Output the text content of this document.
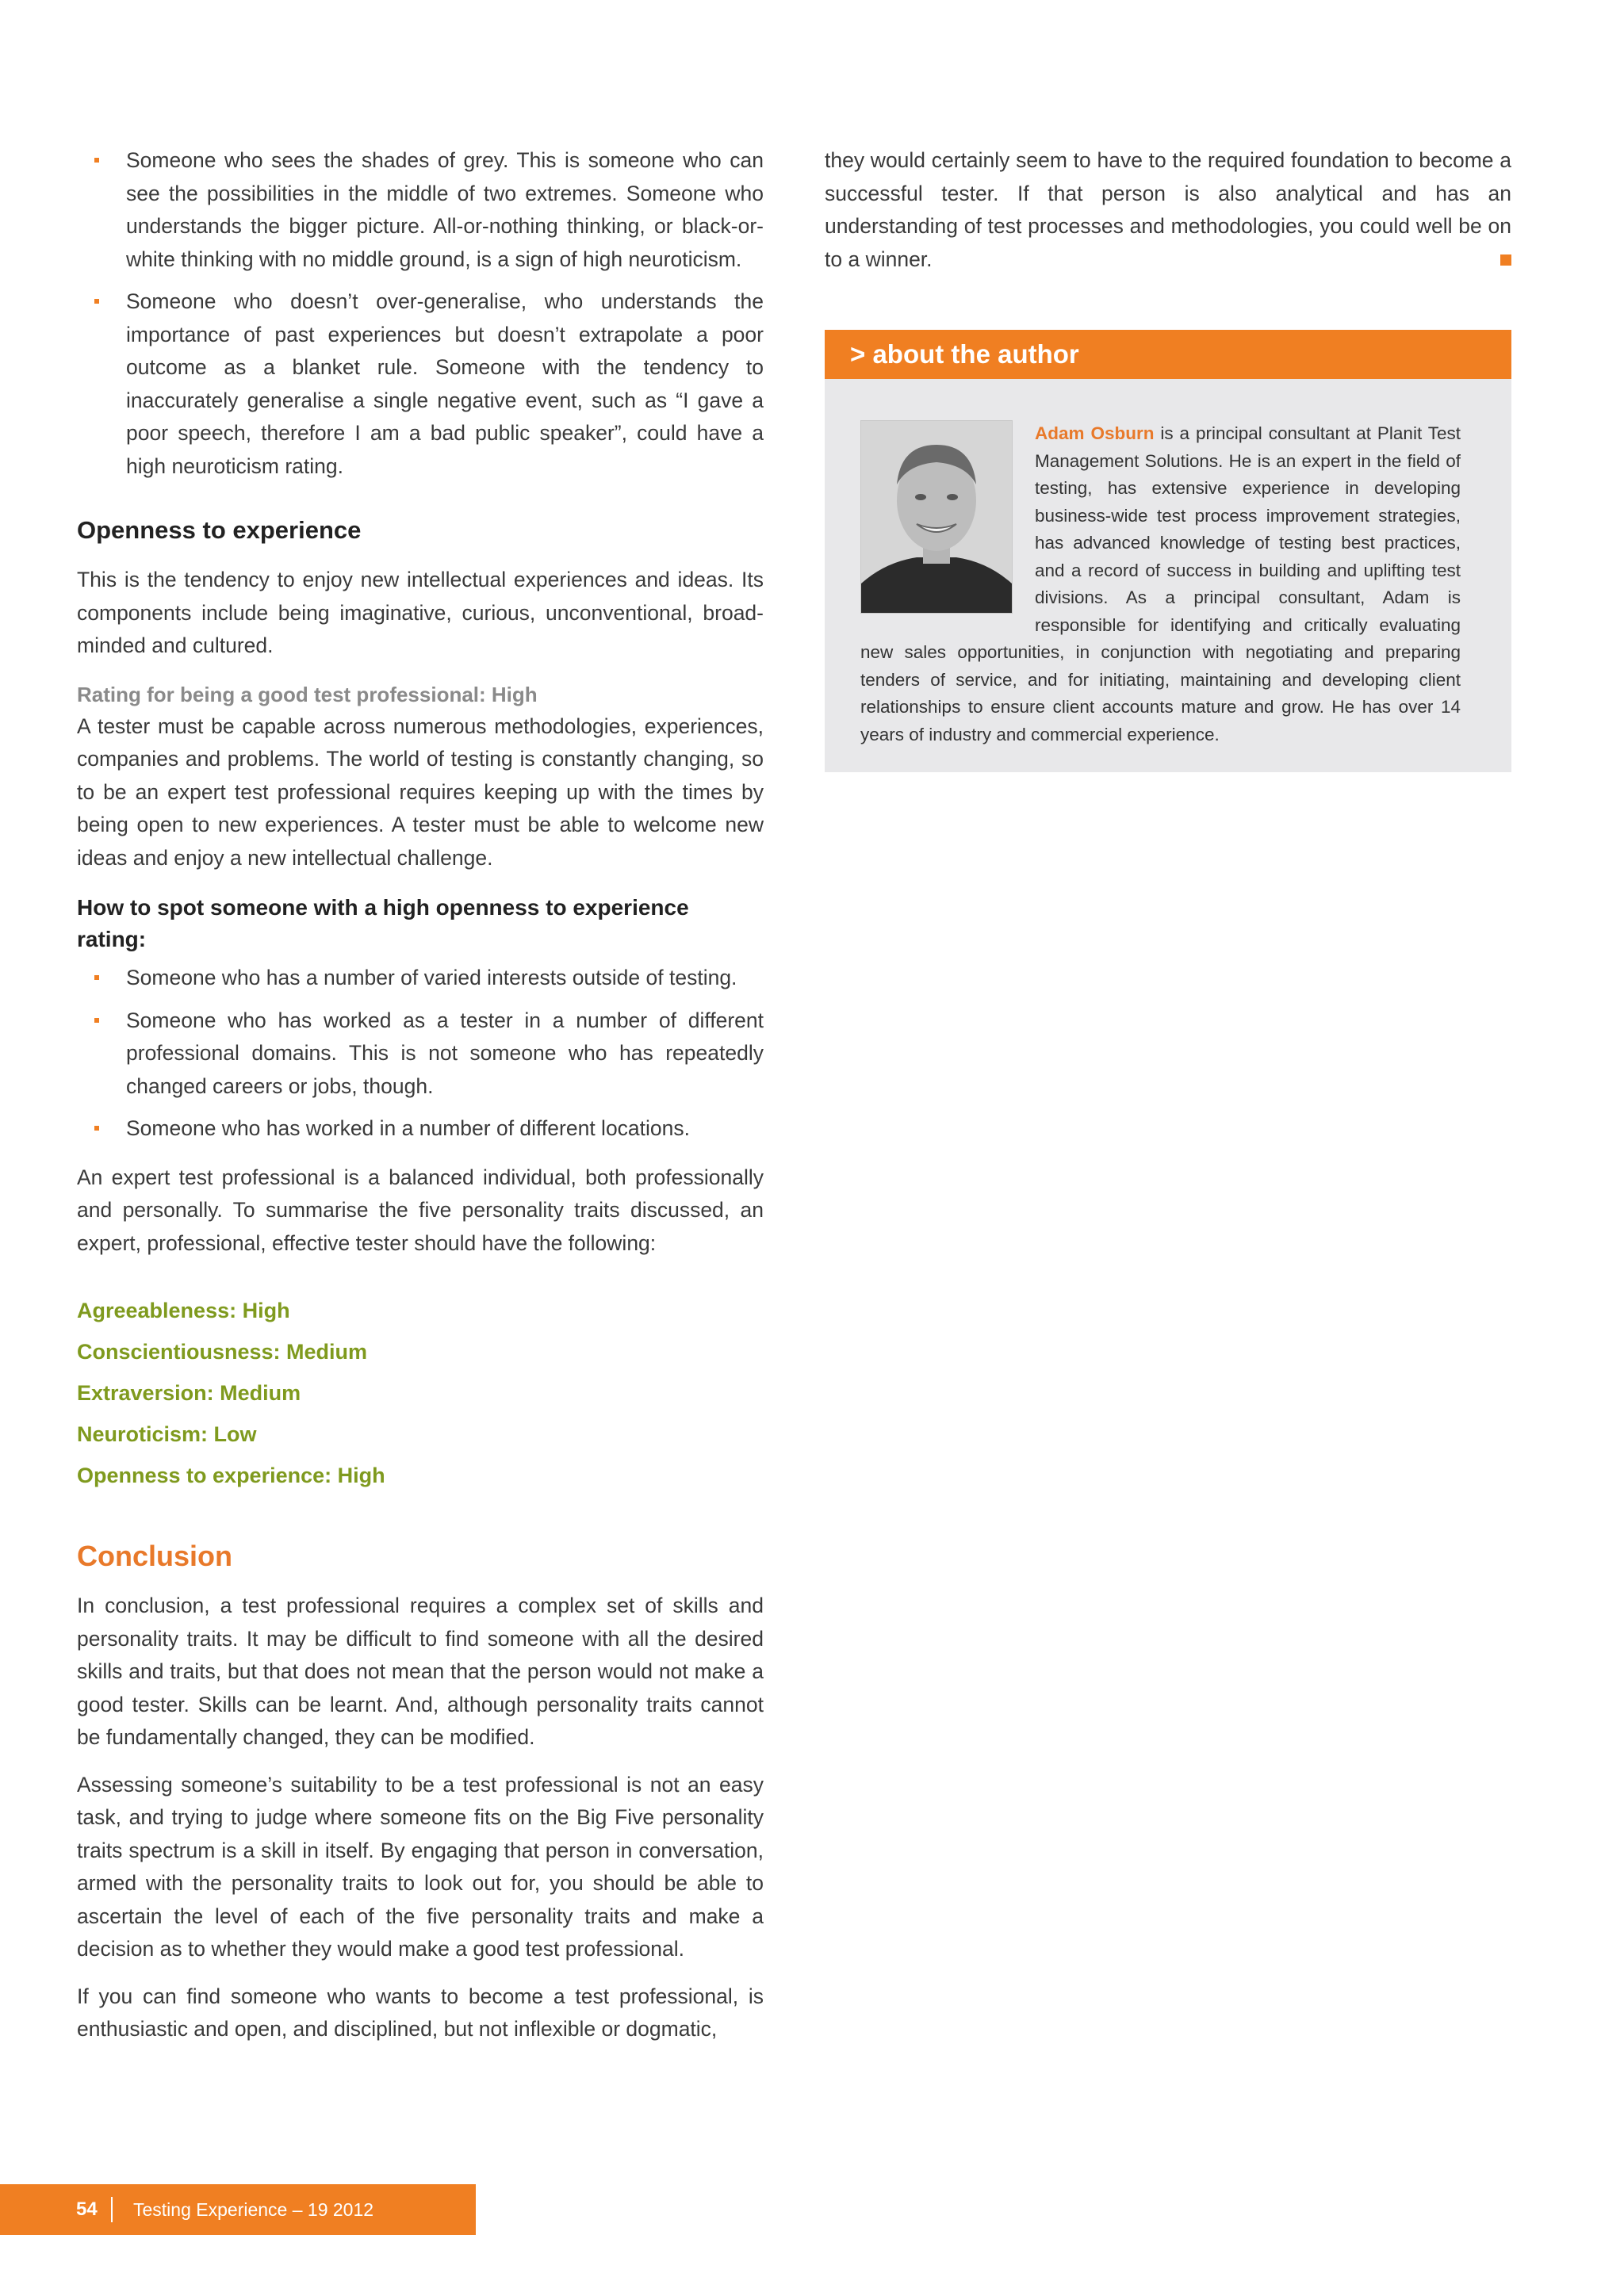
Someone who sees the shades of grey. This is someone who can see the possibilities in the middle of two extremes. Someone who understands the bigger picture. All-or-nothing thinking, or black-or-white thinking with no middle ground, is a sign of high neuroticism.
Someone who doesn’t over-generalise, who understands the importance of past experiences but doesn’t extrapolate a poor outcome as a blanket rule. Someone with the tendency to inaccurately generalise a single negative event, such as “I gave a poor speech, therefore I am a bad public speaker”, could have a high neuroticism rating.
Openness to experience

This is the tendency to enjoy new intellectual experiences and ideas. Its components include being imaginative, curious, unconventional, broad-minded and cultured.

Rating for being a good test professional: High

A tester must be capable across numerous methodologies, experiences, companies and problems. The world of testing is constantly changing, so to be an expert test professional requires keeping up with the times by being open to new experiences. A tester must be able to welcome new ideas and enjoy a new intellectual challenge.

How to spot someone with a high openness to experience rating:
Someone who has a number of varied interests outside of testing.
Someone who has worked as a tester in a number of different professional domains. This is not someone who has repeatedly changed careers or jobs, though.
Someone who has worked in a number of different locations.

An expert test professional is a balanced individual, both professionally and personally. To summarise the five personality traits discussed, an expert, professional, effective tester should have the following:

Agreeableness: High
Conscientiousness: Medium
Extraversion: Medium
Neuroticism: Low
Openness to experience: High
Conclusion

In conclusion, a test professional requires a complex set of skills and personality traits. It may be difficult to find someone with all the desired skills and traits, but that does not mean that the person would not make a good tester. Skills can be learnt. And, although personality traits cannot be fundamentally changed, they can be modified.

Assessing someone’s suitability to be a test professional is not an easy task, and trying to judge where someone fits on the Big Five personality traits spectrum is a skill in itself. By engaging that person in conversation, armed with the personality traits to look out for, you should be able to ascertain the level of each of the five personality traits and make a decision as to whether they would make a good test professional.

If you can find someone who wants to become a test professional, is enthusiastic and open, and disciplined, but not inflexible or dogmatic,

they would certainly seem to have to the required foundation to become a successful tester. If that person is also analytical and has an understanding of test processes and methodologies, you could well be on to a winner.

> about the author

Adam Osburn is a principal consultant at Planit Test Management Solutions. He is an expert in the field of testing, has extensive experience in developing business-wide test process improvement strategies, has advanced knowledge of testing best practices, and a record of success in building and uplifting test divisions. As a principal consultant, Adam is responsible for identifying and critically evaluating new sales opportunities, in conjunction with negotiating and preparing tenders of service, and for initiating, maintaining and developing client relationships to ensure client accounts mature and grow. He has over 14 years of industry and commercial experience.

54 Testing Experience – 19 2012
